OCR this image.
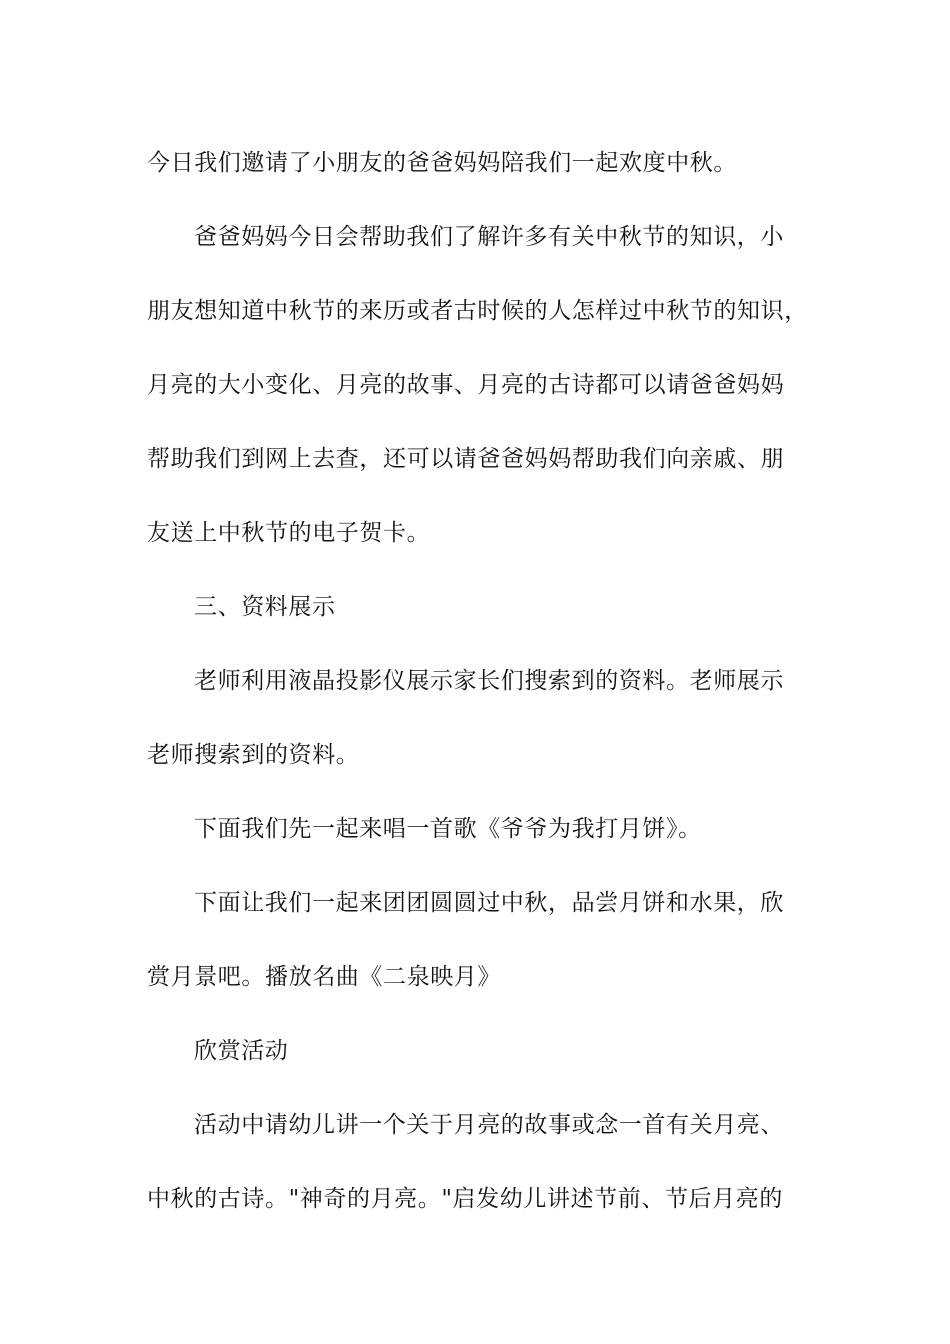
今日我们邀请了小朋友的爸爸妈妈陪我们一起欢度中秋。
爸爸妈妈今日会帮助我们了解许多有关中秋节的知识，小
朋友想知道中秋节的来历或者古时候的人怎样过中秋节的知识，
月亮的大小变化、月亮的故事、月亮的古诗都可以请爸爸妈妈
帮助我们到网上去查，还可以请爸爸妈妈帮助我们向亲戚、朋
友送上中秋节的电子贺卡。
三、资料展示
老师利用液晶投影仪展示家长们搜索到的资料。老师展示
老师搜索到的资料。
下面我们先一起来唱一首歌《爷爷为我打月饼》。
下面让我们一起来团团圆圆过中秋，品尝月饼和水果，欣
赏月景吧。播放名曲《二泉映月》
欣赏活动
活动中请幼儿讲一个关于月亮的故事或念一首有关月亮、
中秋的古诗。"神奇的月亮。"启发幼儿讲述节前、节后月亮的
